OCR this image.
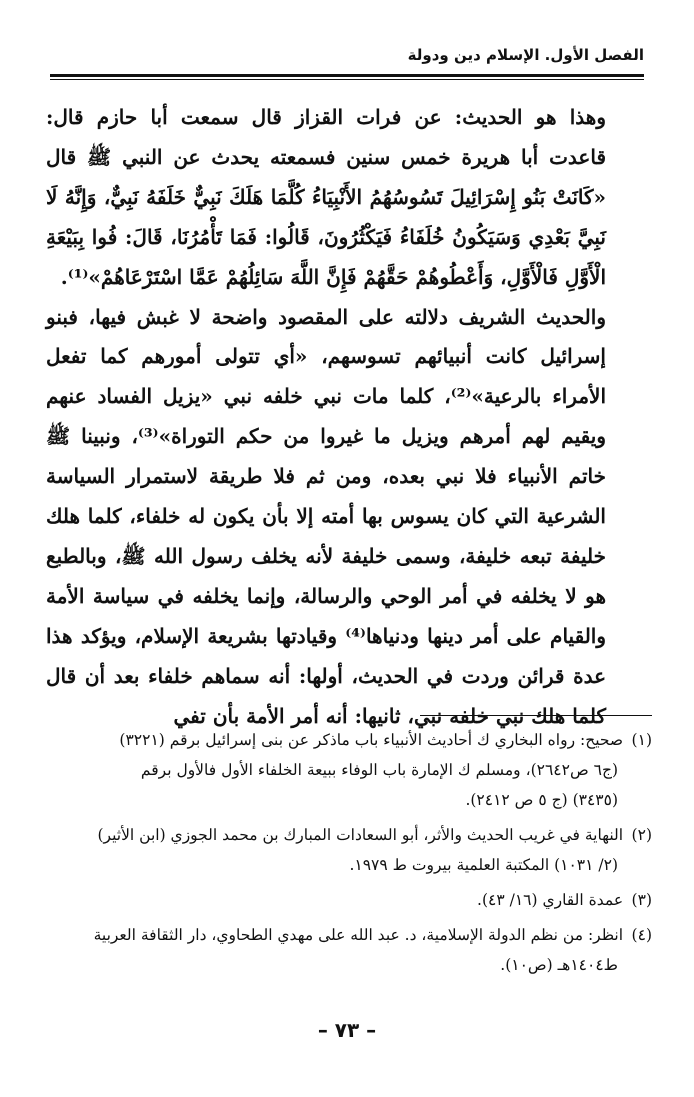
الفصل الأول. الإسلام دين ودولة

وهذا هو الحديث: عن فرات القزاز قال سمعت أبا حازم قال: قاعدت أبا هريرة خمس سنين فسمعته يحدث عن النبي ﷺ قال «كَانَتْ بَنُو إِسْرَائِيلَ تَسُوسُهُمُ الأَنْبِيَاءُ كُلَّمَا هَلَكَ نَبِيٌّ خَلَفَهُ نَبِيٌّ، وَإِنَّهُ لَا نَبِيَّ بَعْدِي وَسَيَكُونُ خُلَفَاءُ فَيَكْثُرُونَ، قَالُوا: فَمَا تَأْمُرُنَا، قَالَ: فُوا بِبَيْعَةِ الْأَوَّلِ فَالْأَوَّلِ، وَأَعْطُوهُمْ حَقَّهُمْ فَإِنَّ اللَّهَ سَائِلُهُمْ عَمَّا اسْتَرْعَاهُمْ»⁽¹⁾.

والحديث الشريف دلالته على المقصود واضحة لا غبش فيها، فبنو إسرائيل كانت أنبيائهم تسوسهم، «أي تتولى أمورهم كما تفعل الأمراء بالرعية»⁽²⁾، كلما مات نبي خلفه نبي «يزيل الفساد عنهم ويقيم لهم أمرهم ويزيل ما غيروا من حكم التوراة»⁽³⁾، ونبينا ﷺ خاتم الأنبياء فلا نبي بعده، ومن ثم فلا طريقة لاستمرار السياسة الشرعية التي كان يسوس بها أمته إلا بأن يكون له خلفاء، كلما هلك خليفة تبعه خليفة، وسمى خليفة لأنه يخلف رسول الله ﷺ، وبالطبع هو لا يخلفه في أمر الوحي والرسالة، وإنما يخلفه في سياسة الأمة والقيام على أمر دينها ودنياها⁽⁴⁾ وقيادتها بشريعة الإسلام، ويؤكد هذا عدة قرائن وردت في الحديث، أولها: أنه سماهم خلفاء بعد أن قال كلما هلك نبي خلفه نبي، ثانيها: أنه أمر الأمة بأن تفي

(١) صحيح: رواه البخاري ك أحاديث الأنبياء باب ماذكر عن بنى إسرائيل برقم (٣٢٢١)
(ج٦ ص٢٦٤٢)، ومسلم ك الإمارة باب الوفاء ببيعة الخلفاء الأول فالأول برقم
(٣٤٣٥) (ج ٥ ص ٢٤١٢).
(٢) النهاية في غريب الحديث والأثر، أبو السعادات المبارك بن محمد الجوزي (ابن الأثير)
(٢/ ١٠٣١) المكتبة العلمية بيروت ط ١٩٧٩.
(٣) عمدة القاري (١٦/ ٤٣).
(٤) انظر: من نظم الدولة الإسلامية، د. عبد الله على مهدي الطحاوي، دار الثقافة العربية
ط١٤٠٤هـ (ص١٠).
– ٧٣ –
